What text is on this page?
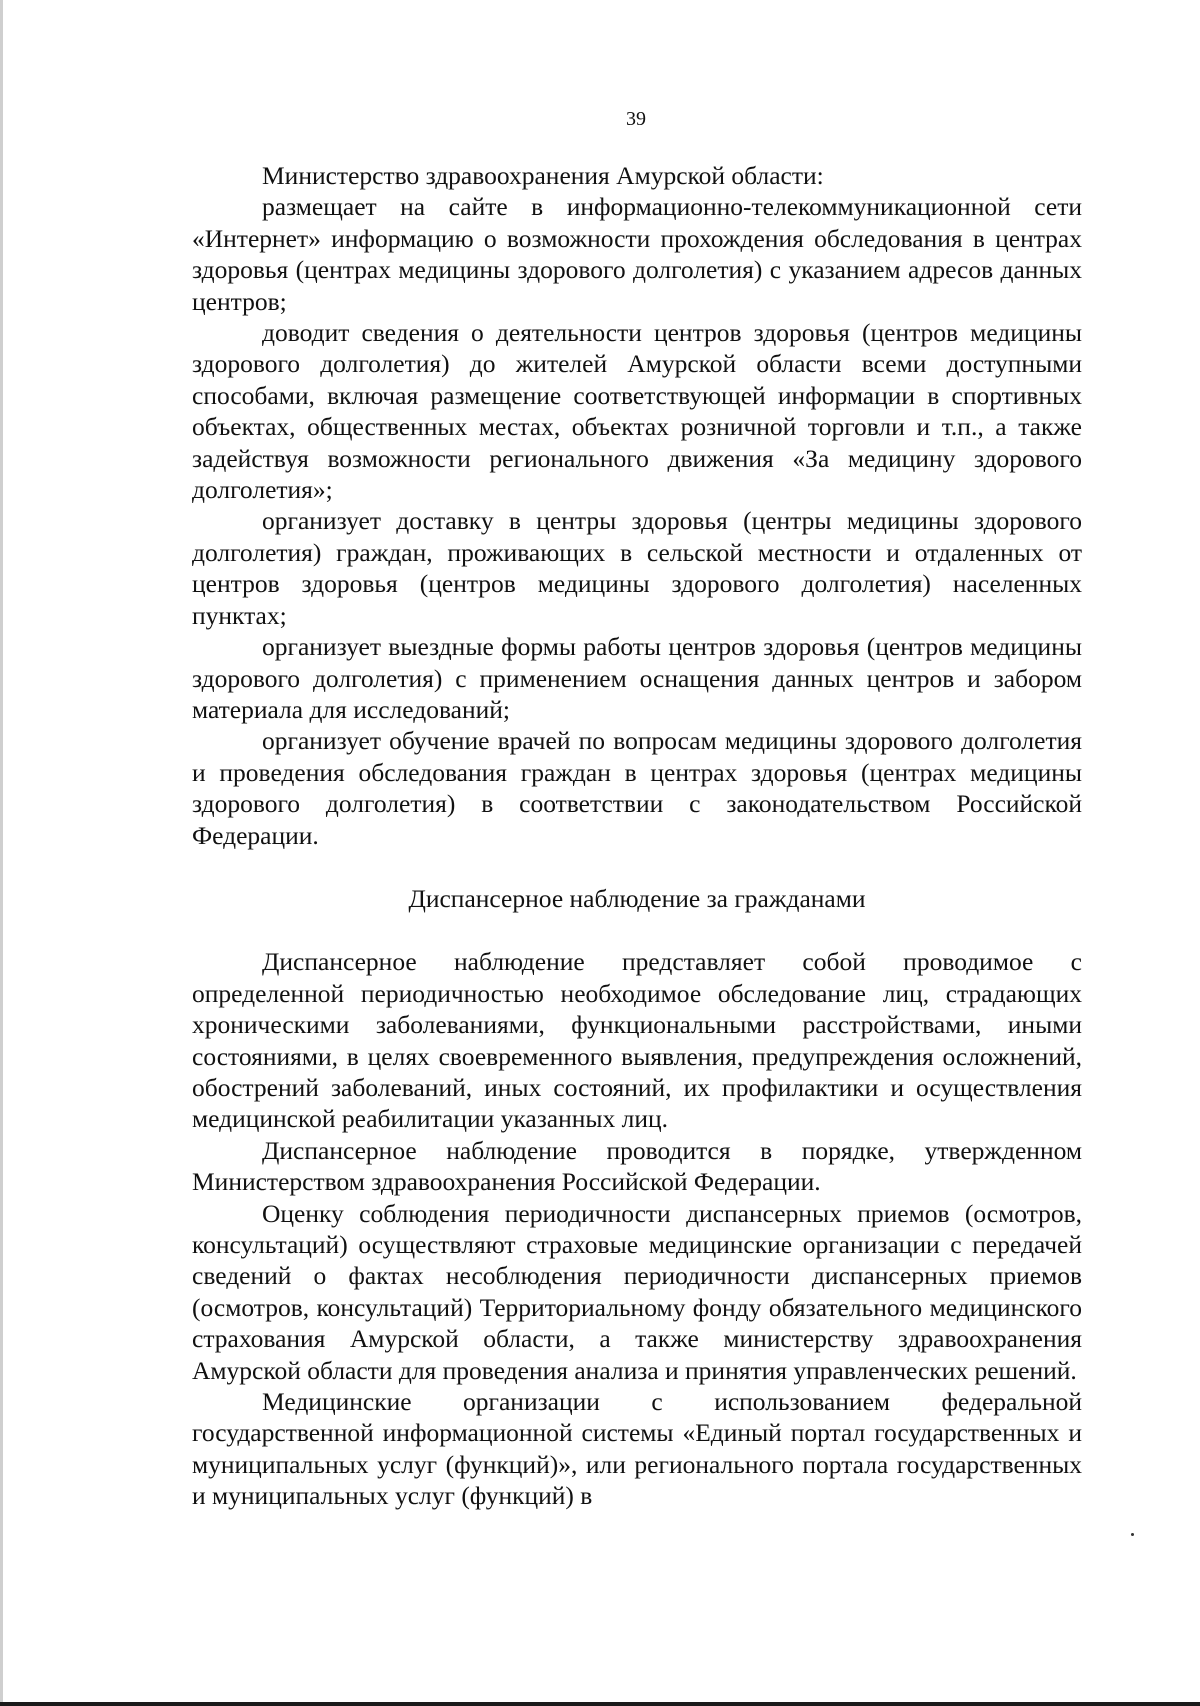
39

Министерство здравоохранения Амурской области:

размещает на сайте в информационно-телекоммуникационной сети «Интернет» информацию о возможности прохождения обследования в центрах здоровья (центрах медицины здорового долголетия) с указанием адресов данных центров;

доводит сведения о деятельности центров здоровья (центров медицины здорового долголетия) до жителей Амурской области всеми доступными способами, включая размещение соответствующей информации в спортивных объектах, общественных местах, объектах розничной торговли и т.п., а также задействуя возможности регионального движения «За медицину здорового долголетия»;

организует доставку в центры здоровья (центры медицины здорового долголетия) граждан, проживающих в сельской местности и отдаленных от центров здоровья (центров медицины здорового долголетия) населенных пунктах;

организует выездные формы работы центров здоровья (центров медицины здорового долголетия) с применением оснащения данных центров и забором материала для исследований;

организует обучение врачей по вопросам медицины здорового долголетия и проведения обследования граждан в центрах здоровья (центрах медицины здорового долголетия) в соответствии с законодательством Российской Федерации.

Диспансерное наблюдение за гражданами

Диспансерное наблюдение представляет собой проводимое с определенной периодичностью необходимое обследование лиц, страдающих хроническими заболеваниями, функциональными расстройствами, иными состояниями, в целях своевременного выявления, предупреждения осложнений, обострений заболеваний, иных состояний, их профилактики и осуществления медицинской реабилитации указанных лиц.

Диспансерное наблюдение проводится в порядке, утвержденном Министерством здравоохранения Российской Федерации.

Оценку соблюдения периодичности диспансерных приемов (осмотров, консультаций) осуществляют страховые медицинские организации с передачей сведений о фактах несоблюдения периодичности диспансерных приемов (осмотров, консультаций) Территориальному фонду обязательного медицинского страхования Амурской области, а также министерству здравоохранения Амурской области для проведения анализа и принятия управленческих решений.

Медицинские организации с использованием федеральной государственной информационной системы «Единый портал государственных и муниципальных услуг (функций)», или регионального портала государственных и муниципальных услуг (функций) в
